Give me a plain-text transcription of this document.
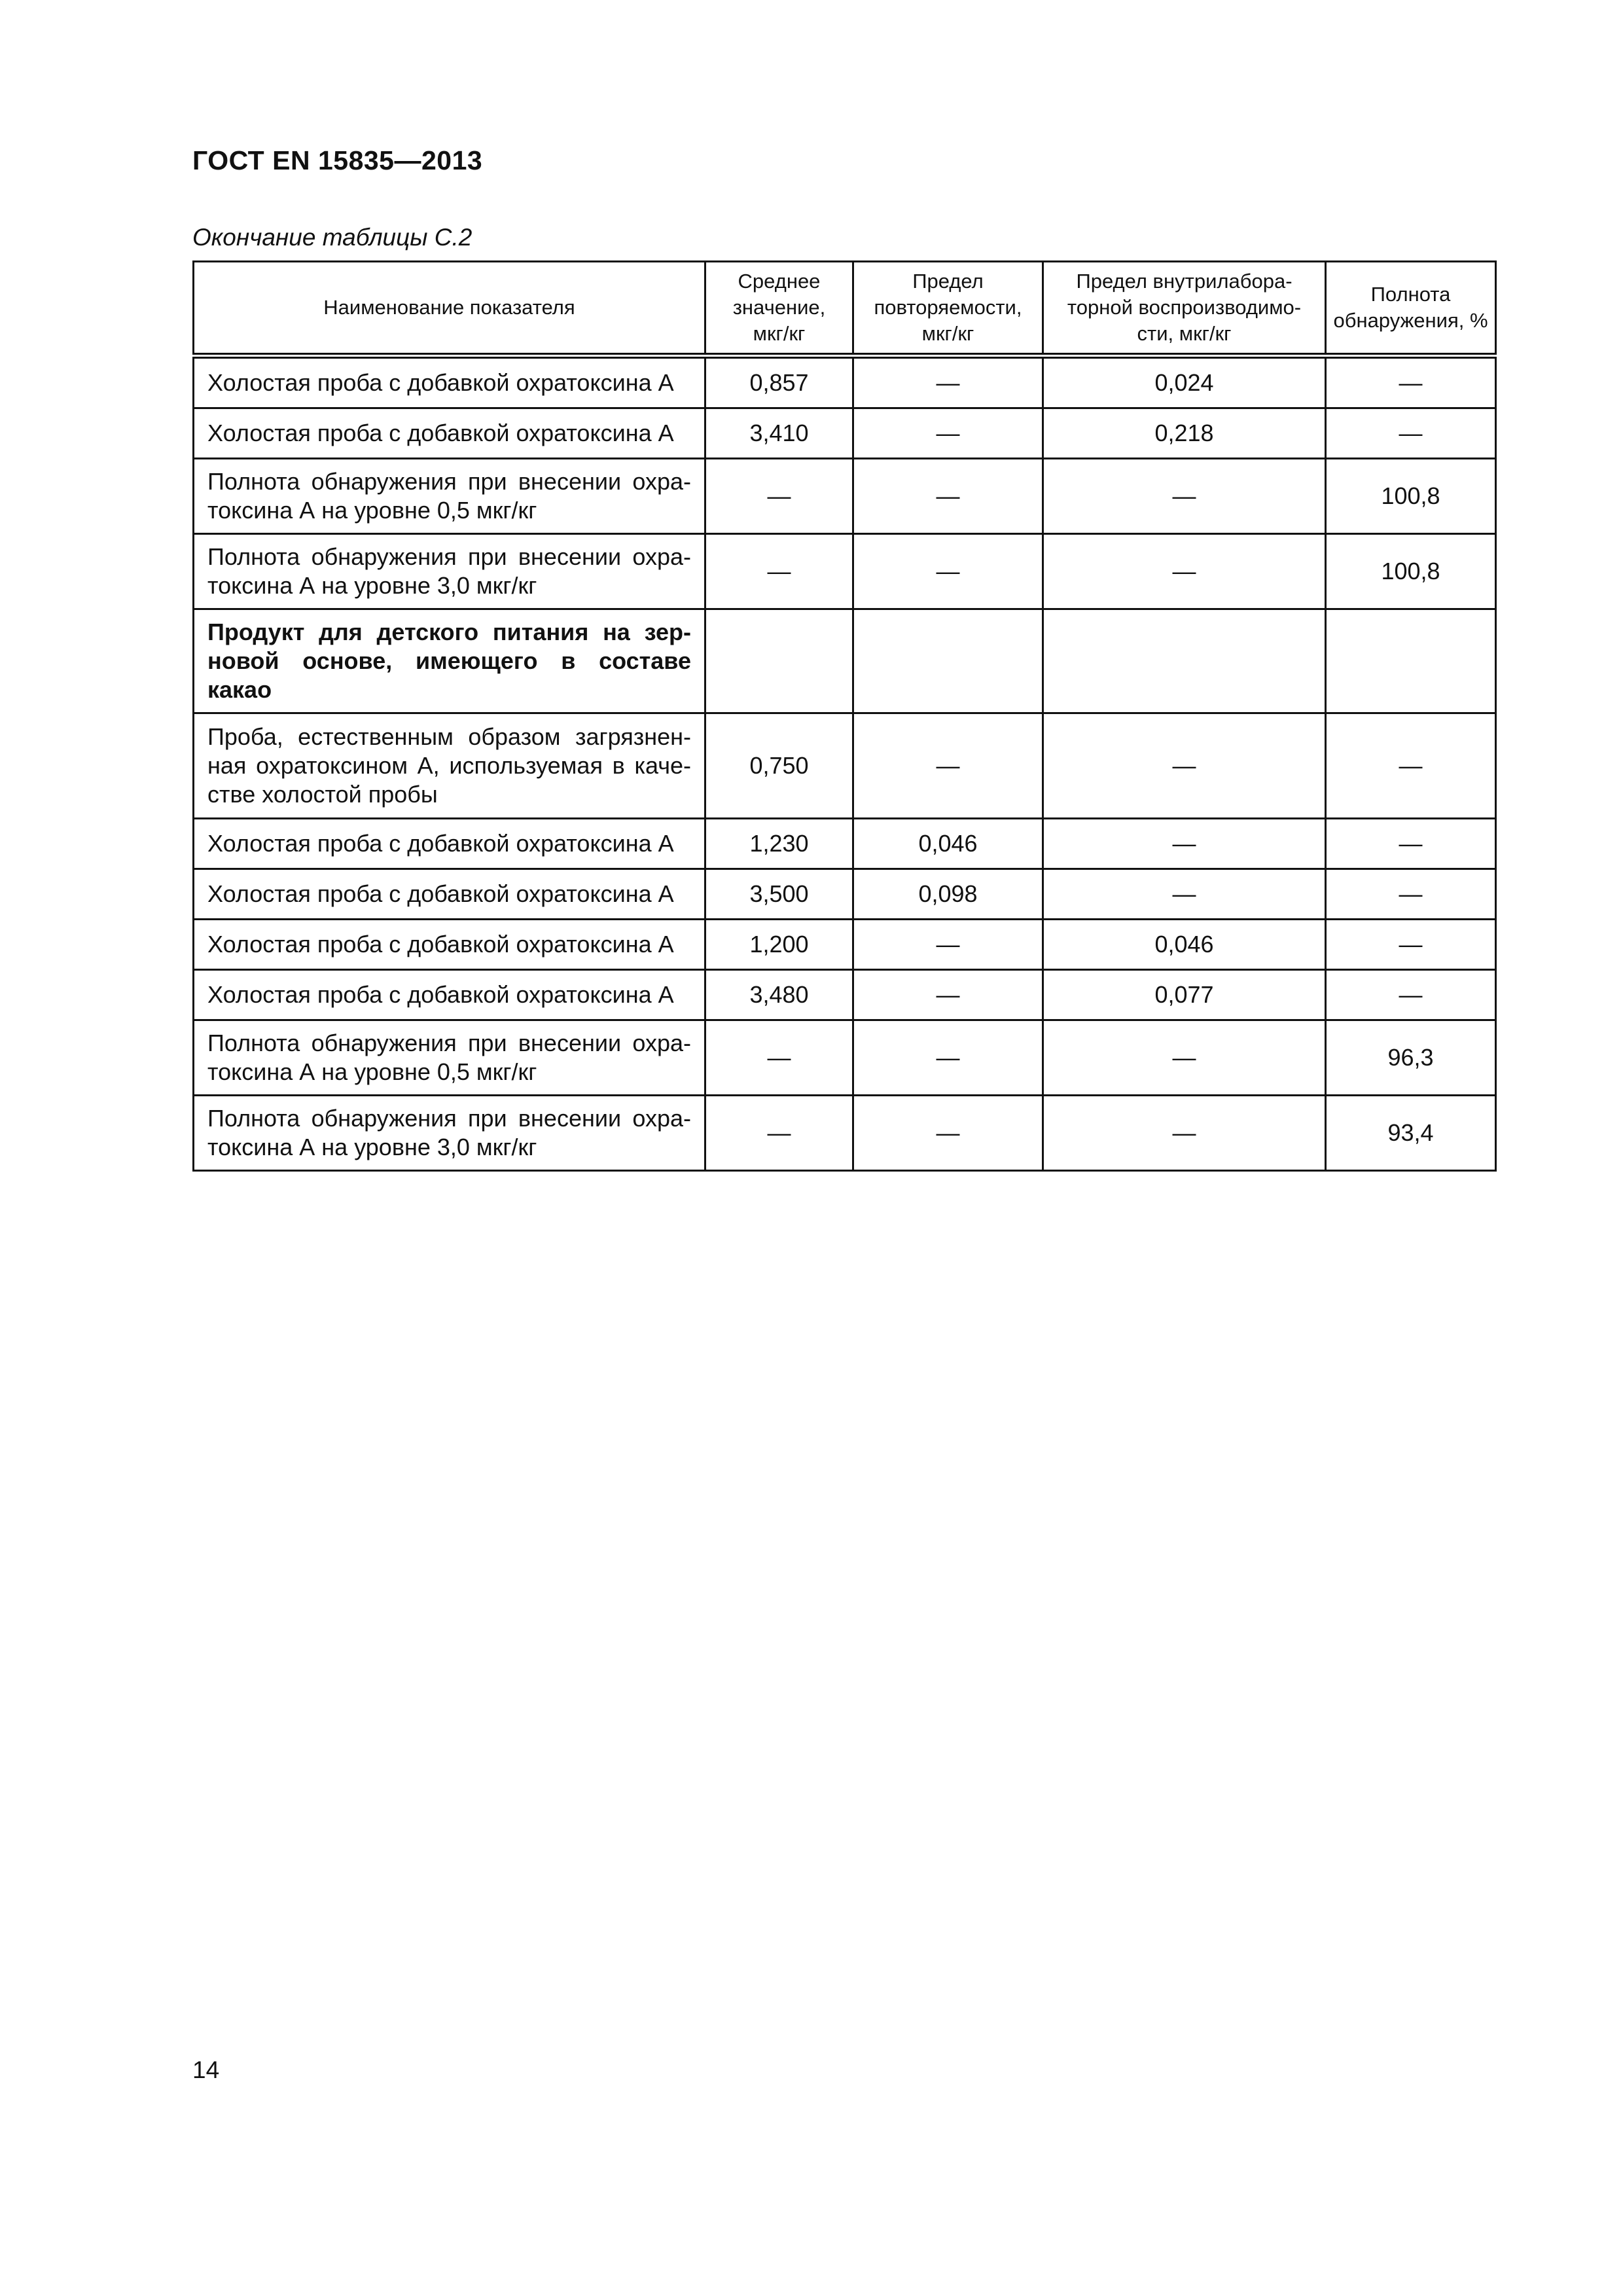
ГОСТ EN 15835—2013
Окончание таблицы С.2
Наименование показателя	Среднее значение, мкг/кг	Предел повторяемости, мкг/кг	Предел внутрилабора-торной воспроизводимо-сти, мкг/кг	Полнота обнаружения, %
Холостая проба с добавкой охратоксина А	0,857	—	0,024	—
Холостая проба с добавкой охратоксина А	3,410	—	0,218	—
Полнота обнаружения при внесении охра-токсина А на уровне 0,5 мкг/кг	—	—	—	100,8
Полнота обнаружения при внесении охра-токсина А на уровне 3,0 мкг/кг	—	—	—	100,8
Продукт для детского питания на зер-новой основе, имеющего в составе какао				
Проба, естественным образом загрязнен-ная охратоксином А, используемая в каче-стве холостой пробы	0,750	—	—	—
Холостая проба с добавкой охратоксина А	1,230	0,046	—	—
Холостая проба с добавкой охратоксина А	3,500	0,098	—	—
Холостая проба с добавкой охратоксина А	1,200	—	0,046	—
Холостая проба с добавкой охратоксина А	3,480	—	0,077	—
Полнота обнаружения при внесении охра-токсина А на уровне 0,5 мкг/кг	—	—	—	96,3
Полнота обнаружения при внесении охра-токсина А на уровне 3,0 мкг/кг	—	—	—	93,4
14
